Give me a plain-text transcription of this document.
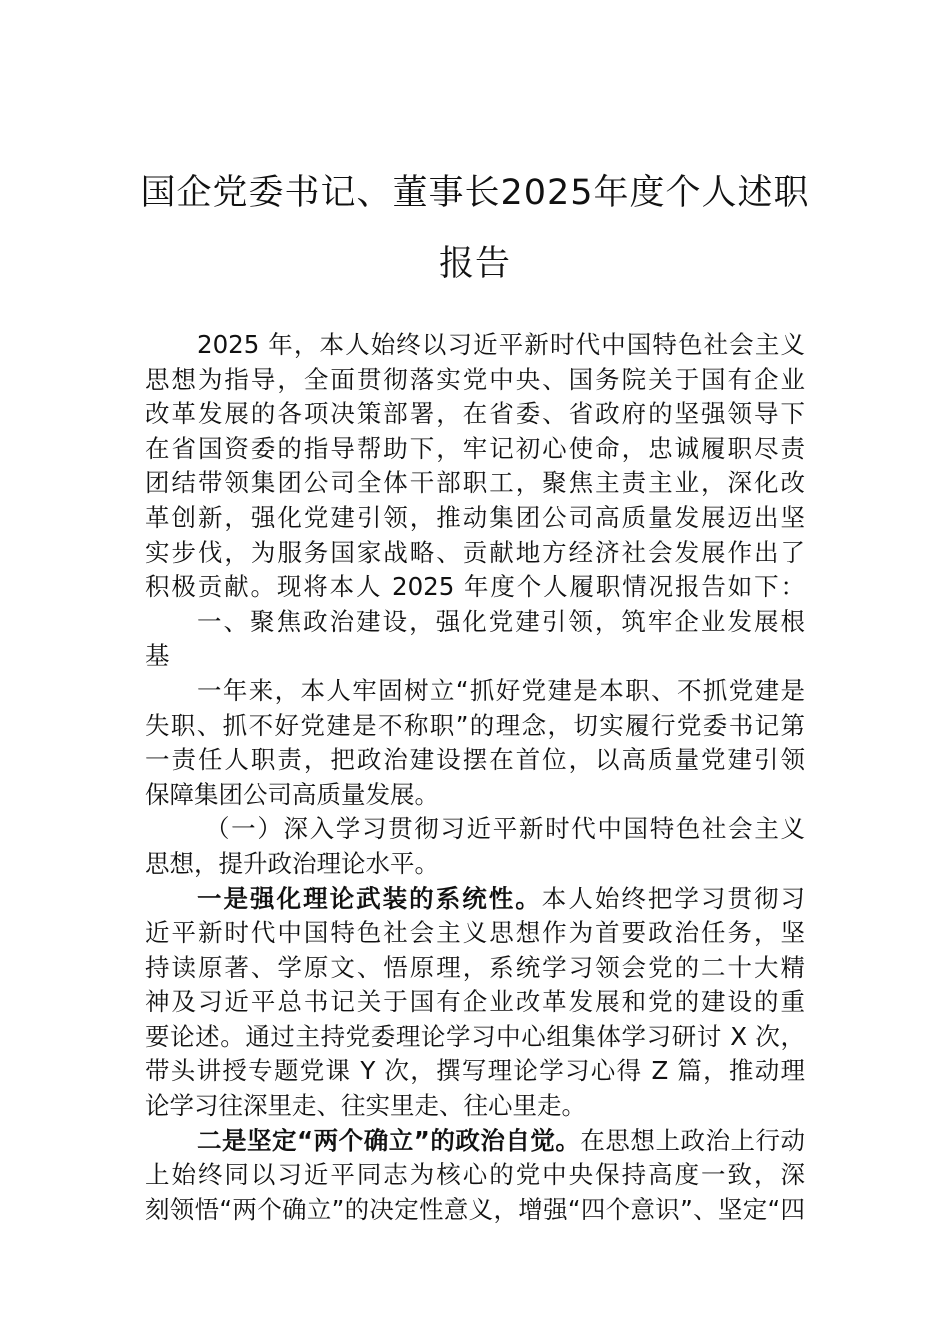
国企党委书记、董事长2025年度个人述职
报告
2025 年，本人始终以习近平新时代中国特色社会主义
思想为指导，全面贯彻落实党中央、国务院关于国有企业
改革发展的各项决策部署，在省委、省政府的坚强领导下
在省国资委的指导帮助下，牢记初心使命，忠诚履职尽责
团结带领集团公司全体干部职工，聚焦主责主业，深化改
革创新，强化党建引领，推动集团公司高质量发展迈出坚
实步伐，为服务国家战略、贡献地方经济社会发展作出了
积极贡献。现将本人 2025 年度个人履职情况报告如下：
一、聚焦政治建设，强化党建引领，筑牢企业发展根
基
一年来，本人牢固树立“抓好党建是本职、不抓党建是
失职、抓不好党建是不称职”的理念，切实履行党委书记第
一责任人职责，把政治建设摆在首位，以高质量党建引领
保障集团公司高质量发展。
（一）深入学习贯彻习近平新时代中国特色社会主义
思想，提升政治理论水平。
一是强化理论武装的系统性。本人始终把学习贯彻习
近平新时代中国特色社会主义思想作为首要政治任务，坚
持读原著、学原文、悟原理，系统学习领会党的二十大精
神及习近平总书记关于国有企业改革发展和党的建设的重
要论述。通过主持党委理论学习中心组集体学习研讨 X 次，
带头讲授专题党课 Y 次，撰写理论学习心得 Z 篇，推动理
论学习往深里走、往实里走、往心里走。
二是坚定“两个确立”的政治自觉。在思想上政治上行动
上始终同以习近平同志为核心的党中央保持高度一致，深
刻领悟“两个确立”的决定性意义，增强“四个意识”、坚定“四
